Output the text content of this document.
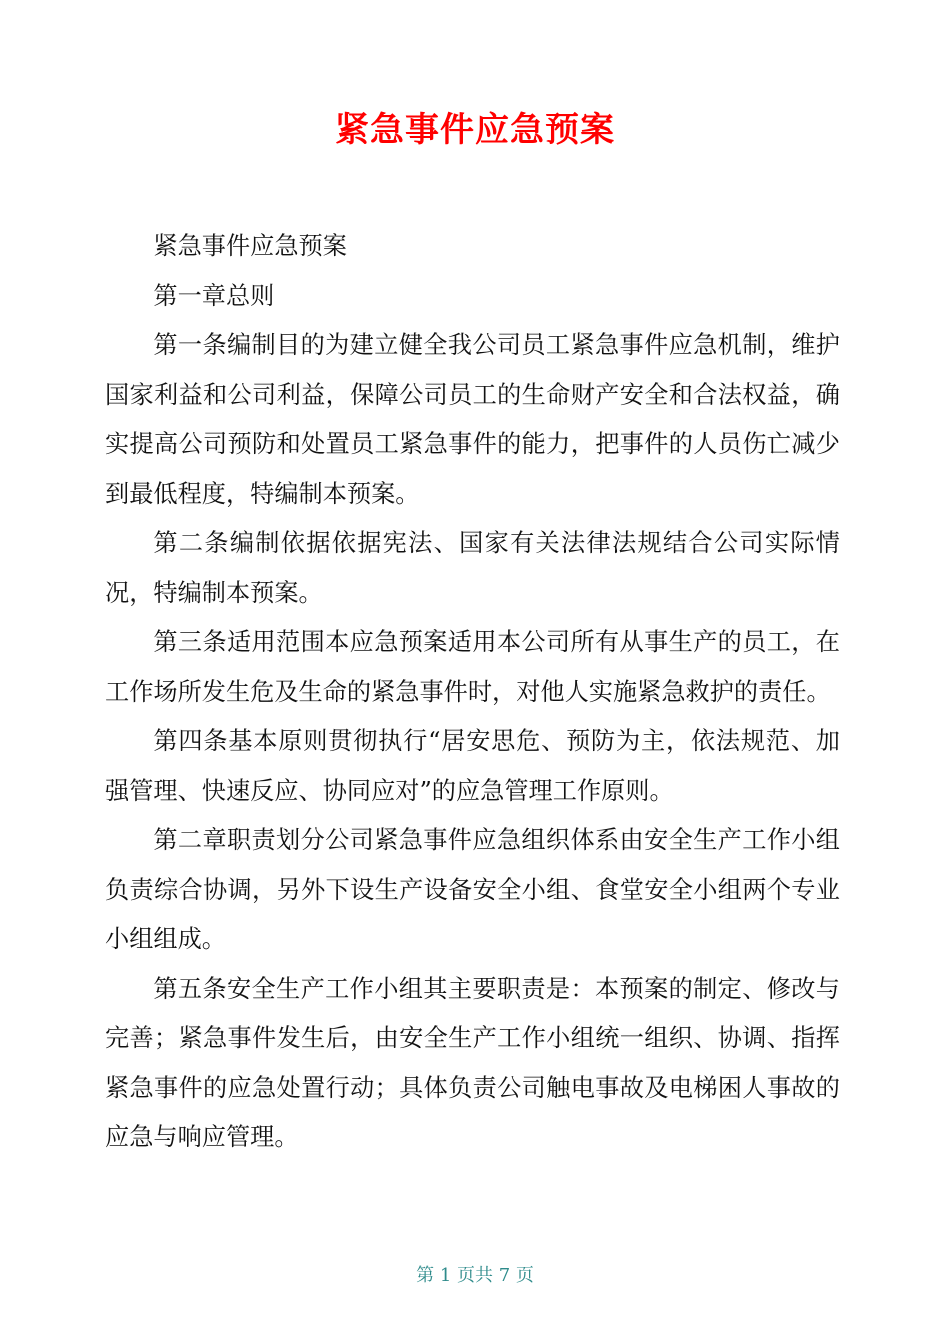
紧急事件应急预案

紧急事件应急预案

第一章总则

第一条编制目的为建立健全我公司员工紧急事件应急机制，维护国家利益和公司利益，保障公司员工的生命财产安全和合法权益，确实提高公司预防和处置员工紧急事件的能力，把事件的人员伤亡减少到最低程度，特编制本预案。

第二条编制依据依据宪法、国家有关法律法规结合公司实际情况，特编制本预案。

第三条适用范围本应急预案适用本公司所有从事生产的员工，在工作场所发生危及生命的紧急事件时，对他人实施紧急救护的责任。

第四条基本原则贯彻执行“居安思危、预防为主，依法规范、加强管理、快速反应、协同应对”的应急管理工作原则。

第二章职责划分公司紧急事件应急组织体系由安全生产工作小组负责综合协调，另外下设生产设备安全小组、食堂安全小组两个专业小组组成。

第五条安全生产工作小组其主要职责是：本预案的制定、修改与完善；紧急事件发生后，由安全生产工作小组统一组织、协调、指挥紧急事件的应急处置行动；具体负责公司触电事故及电梯困人事故的应急与响应管理。

第 1 页共 7 页
